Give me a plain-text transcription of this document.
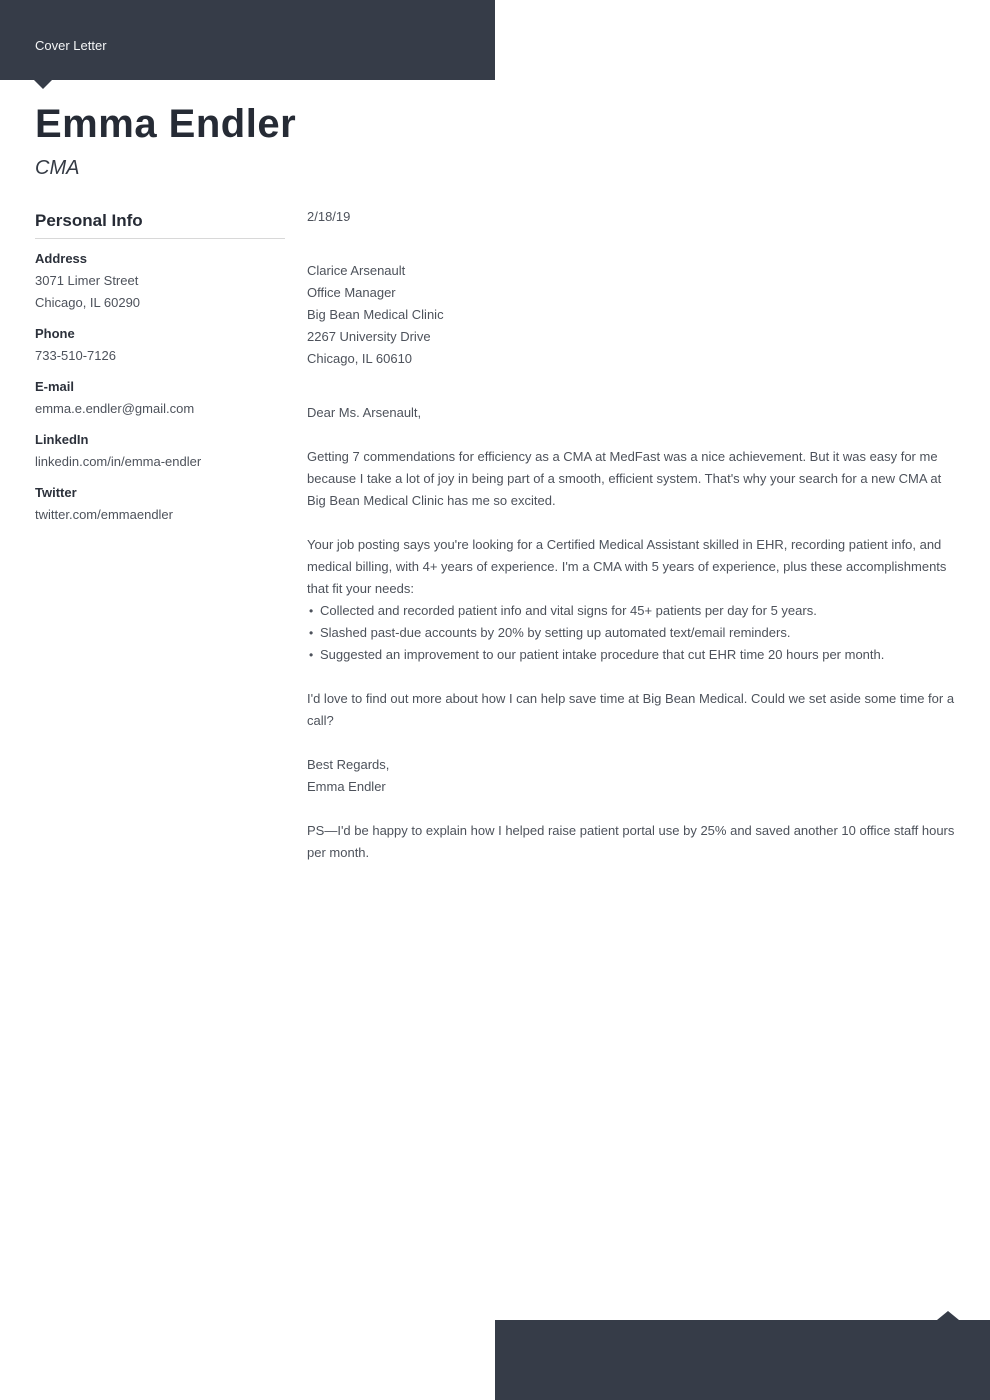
Cover Letter
Emma Endler
CMA
Personal Info
Address
3071 Limer Street
Chicago, IL 60290
Phone
733-510-7126
E-mail
emma.e.endler@gmail.com
LinkedIn
linkedin.com/in/emma-endler
Twitter
twitter.com/emmaendler

2/18/19

Clarice Arsenault
Office Manager
Big Bean Medical Clinic
2267 University Drive
Chicago, IL 60610

Dear Ms. Arsenault,

Getting 7 commendations for efficiency as a CMA at MedFast was a nice achievement. But it was easy for me because I take a lot of joy in being part of a smooth, efficient system. That's why your search for a new CMA at Big Bean Medical Clinic has me so excited.

Your job posting says you're looking for a Certified Medical Assistant skilled in EHR, recording patient info, and medical billing, with 4+ years of experience. I'm a CMA with 5 years of experience, plus these accomplishments that fit your needs:

• Collected and recorded patient info and vital signs for 45+ patients per day for 5 years.
• Slashed past-due accounts by 20% by setting up automated text/email reminders.
• Suggested an improvement to our patient intake procedure that cut EHR time 20 hours per month.

I'd love to find out more about how I can help save time at Big Bean Medical. Could we set aside some time for a call?

Best Regards,
Emma Endler

PS—I'd be happy to explain how I helped raise patient portal use by 25% and saved another 10 office staff hours per month.
